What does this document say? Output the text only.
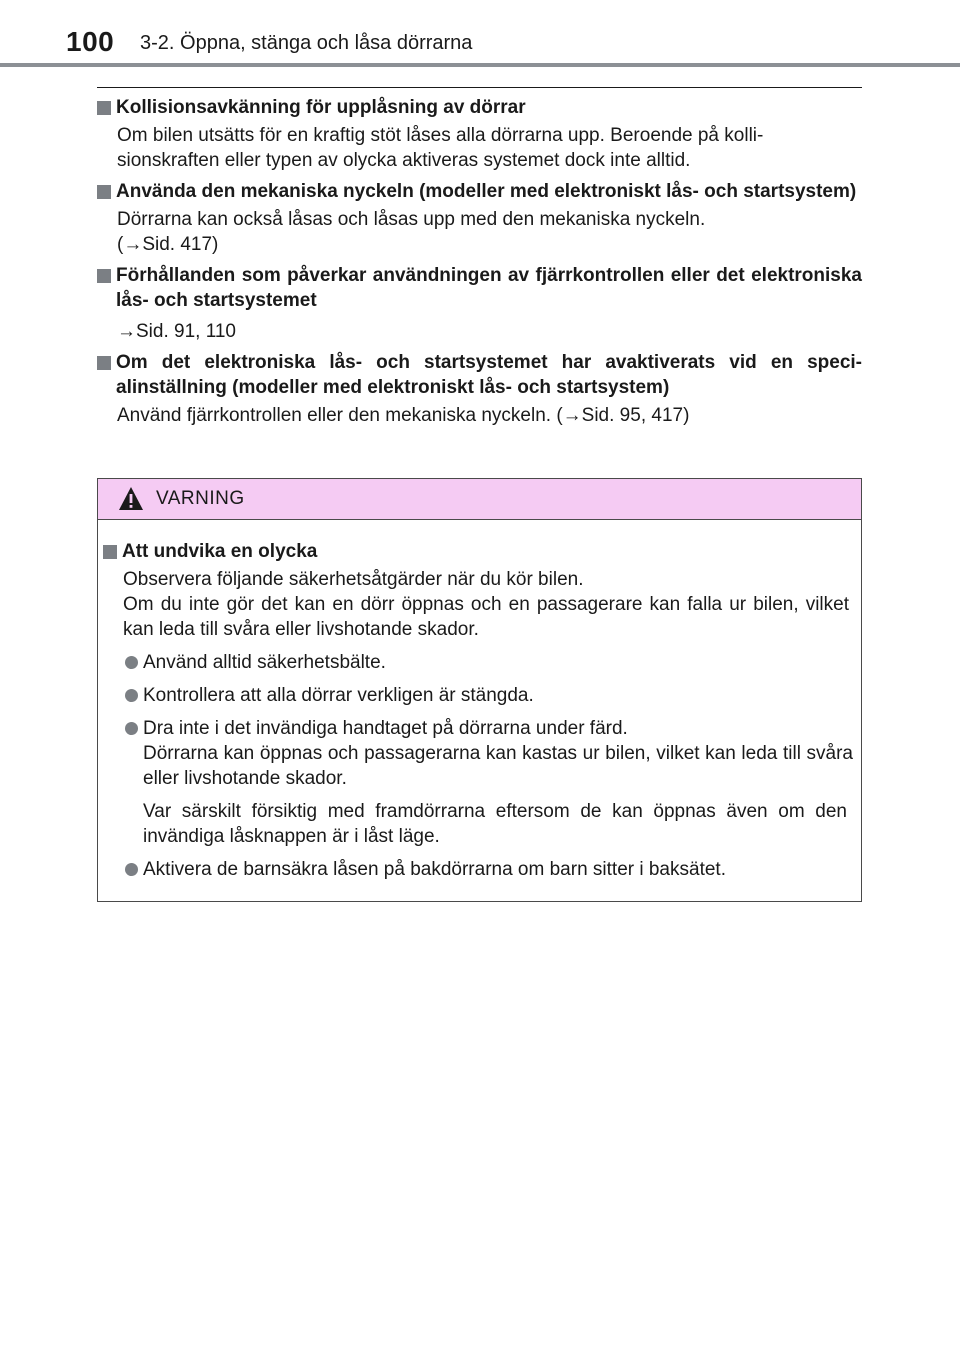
100 3-2. Öppna, stänga och låsa dörrarna
Kollisionsavkänning för upplåsning av dörrar
Om bilen utsätts för en kraftig stöt låses alla dörrarna upp. Beroende på kolli-
sionskraften eller typen av olycka aktiveras systemet dock inte alltid.
Använda den mekaniska nyckeln (modeller med elektroniskt lås- och startsystem)
Dörrarna kan också låsas och låsas upp med den mekaniska nyckeln.
(→Sid. 417)
Förhållanden som påverkar användningen av fjärrkontrollen eller det elektroniska lås- och startsystemet
→Sid. 91, 110
Om det elektroniska lås- och startsystemet har avaktiverats vid en speci-alinställning (modeller med elektroniskt lås- och startsystem)
Använd fjärrkontrollen eller den mekaniska nyckeln. (→Sid. 95, 417)
VARNING
Att undvika en olycka
Observera följande säkerhetsåtgärder när du kör bilen.
Om du inte gör det kan en dörr öppnas och en passagerare kan falla ur bilen, vilket kan leda till svåra eller livshotande skador.
Använd alltid säkerhetsbälte.
Kontrollera att alla dörrar verkligen är stängda.
Dra inte i det invändiga handtaget på dörrarna under färd.
Dörrarna kan öppnas och passagerarna kan kastas ur bilen, vilket kan leda till svåra eller livshotande skador.
Var särskilt försiktig med framdörrarna eftersom de kan öppnas även om den invändiga låsknappen är i låst läge.
Aktivera de barnsäkra låsen på bakdörrarna om barn sitter i baksätet.
